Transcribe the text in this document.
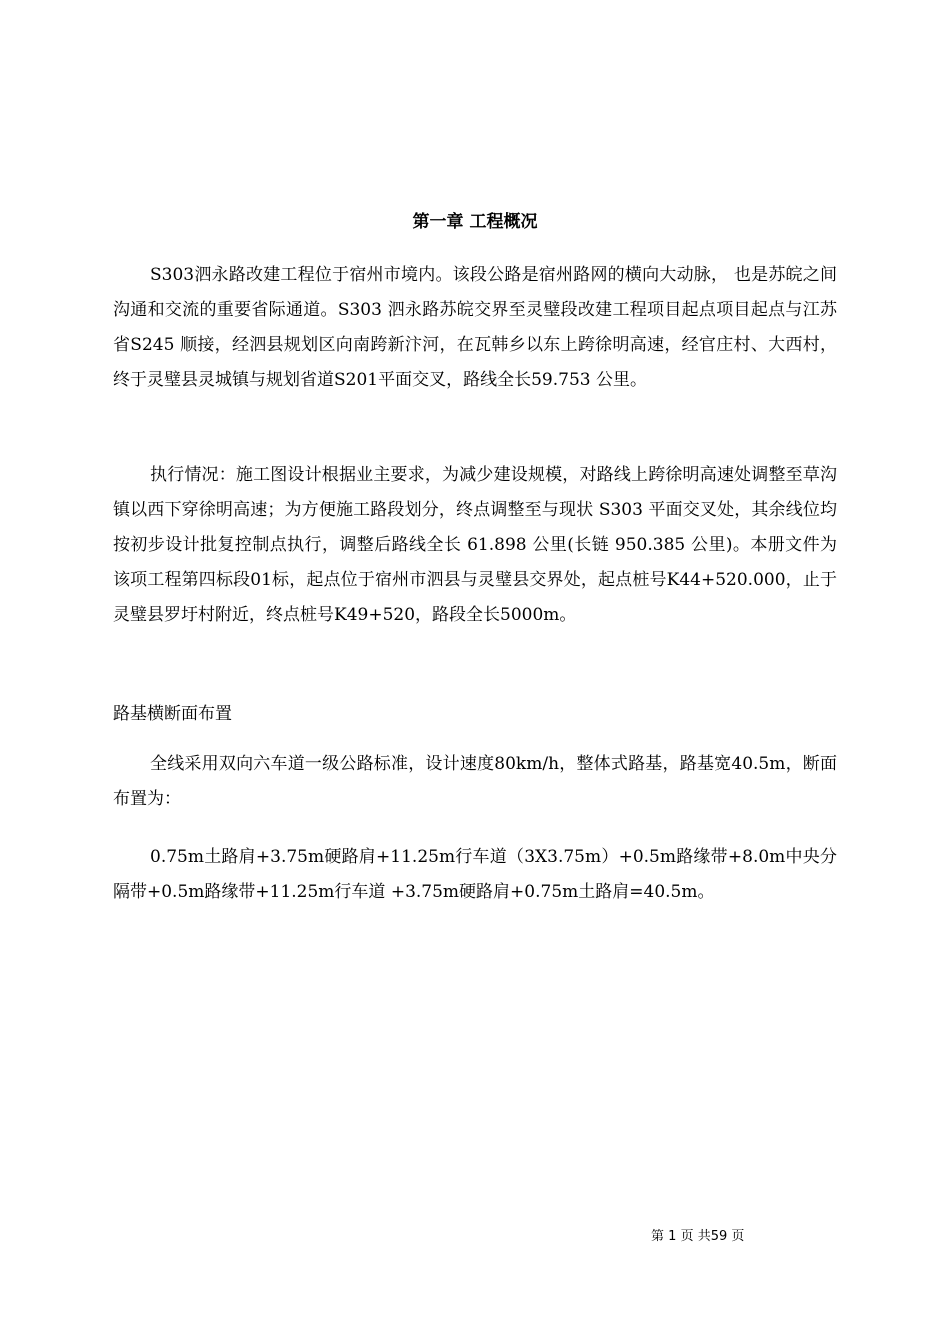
第一章 工程概况

S303泗永路改建工程位于宿州市境内。该段公路是宿州路网的横向大动脉， 也是苏皖之间沟通和交流的重要省际通道。S303 泗永路苏皖交界至灵璧段改建工程项目起点项目起点与江苏省S245 顺接，经泗县规划区向南跨新汴河，在瓦韩乡以东上跨徐明高速，经官庄村、大西村，终于灵璧县灵城镇与规划省道S201平面交叉，路线全长59.753 公里。

执行情况：施工图设计根据业主要求，为减少建设规模，对路线上跨徐明高速处调整至草沟镇以西下穿徐明高速；为方便施工路段划分，终点调整至与现状 S303 平面交叉处，其余线位均按初步设计批复控制点执行，调整后路线全长 61.898 公里(长链 950.385 公里)。本册文件为该项工程第四标段01标，起点位于宿州市泗县与灵璧县交界处，起点桩号K44+520.000，止于灵璧县罗圩村附近，终点桩号K49+520，路段全长5000m。

路基横断面布置

全线采用双向六车道一级公路标准，设计速度80km/h，整体式路基，路基宽40.5m，断面布置为：

0.75m土路肩+3.75m硬路肩+11.25m行车道（3X3.75m）+0.5m路缘带+8.0m中央分隔带+0.5m路缘带+11.25m行车道 +3.75m硬路肩+0.75m土路肩=40.5m。

第 1 页 共59 页
